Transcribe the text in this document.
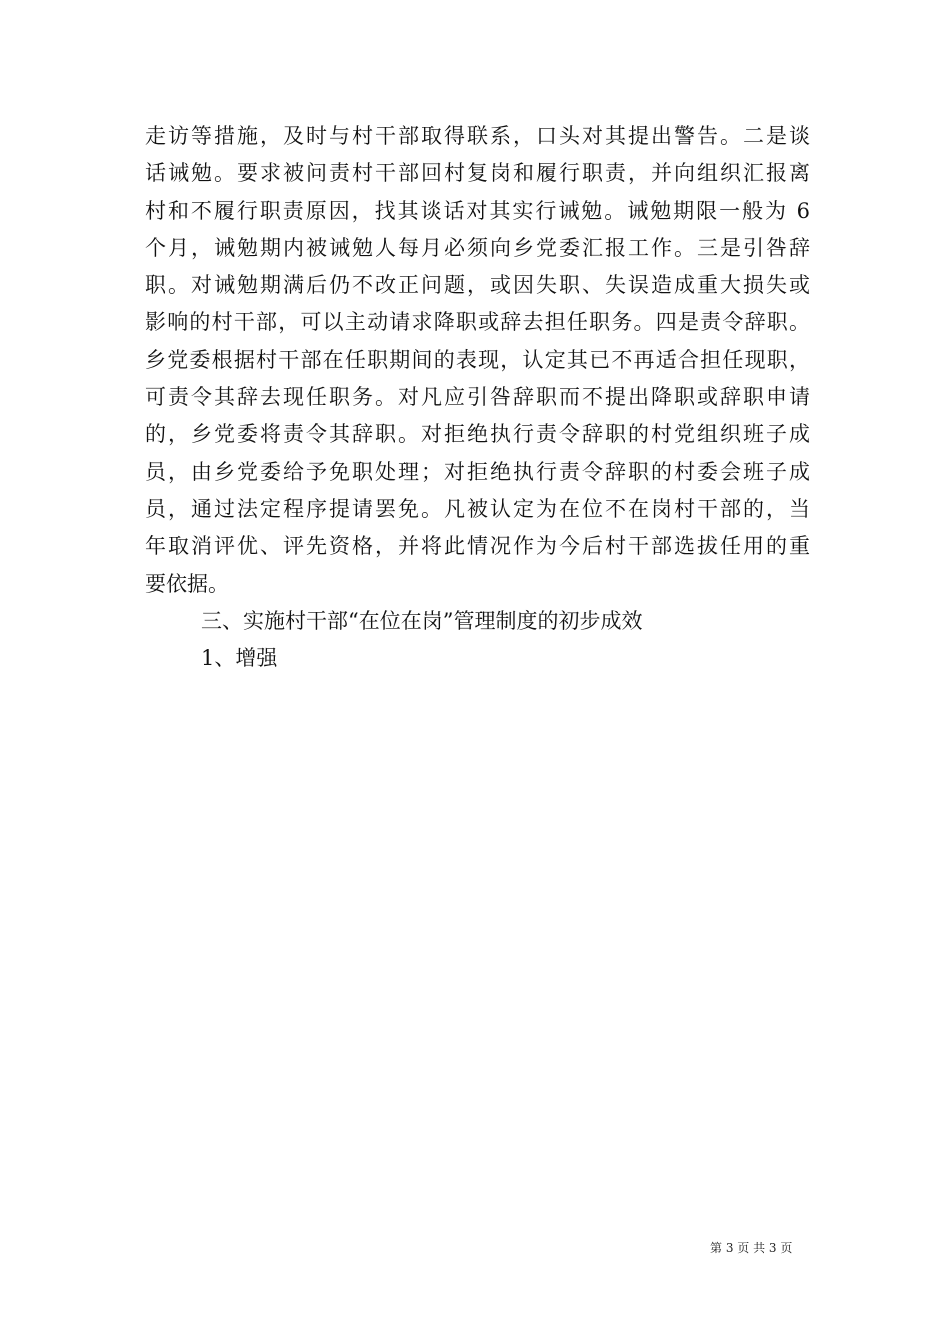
走访等措施，及时与村干部取得联系，口头对其提出警告。二是谈
话诫勉。要求被问责村干部回村复岗和履行职责，并向组织汇报离
村和不履行职责原因，找其谈话对其实行诫勉。诫勉期限一般为 6
个月，诫勉期内被诫勉人每月必须向乡党委汇报工作。三是引咎辞
职。对诫勉期满后仍不改正问题，或因失职、失误造成重大损失或
影响的村干部，可以主动请求降职或辞去担任职务。四是责令辞职。
乡党委根据村干部在任职期间的表现，认定其已不再适合担任现职，
可责令其辞去现任职务。对凡应引咎辞职而不提出降职或辞职申请
的，乡党委将责令其辞职。对拒绝执行责令辞职的村党组织班子成
员，由乡党委给予免职处理；对拒绝执行责令辞职的村委会班子成
员，通过法定程序提请罢免。凡被认定为在位不在岗村干部的，当
年取消评优、评先资格，并将此情况作为今后村干部选拔任用的重
要依据。
三、实施村干部“在位在岗”管理制度的初步成效
1、增强
第 3 页 共 3 页
